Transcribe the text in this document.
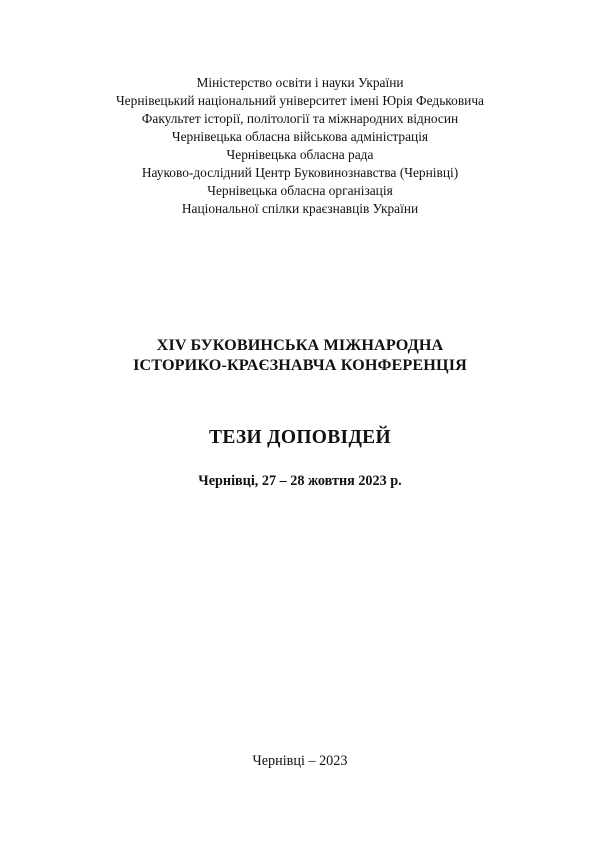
Міністерство освіти і науки України
Чернівецький національний університет імені Юрія Федьковича
Факультет історії, політології та міжнародних відносин
Чернівецька обласна військова адміністрація
Чернівецька обласна рада
Науково-дослідний Центр Буковинознавства (Чернівці)
Чернівецька обласна організація
Національної спілки краєзнавців України
XIV БУКОВИНСЬКА МІЖНАРОДНА
ІСТОРИКО-КРАЄЗНАВЧА КОНФЕРЕНЦІЯ
ТЕЗИ ДОПОВІДЕЙ
Чернівці, 27 – 28 жовтня 2023 р.
Чернівці – 2023
